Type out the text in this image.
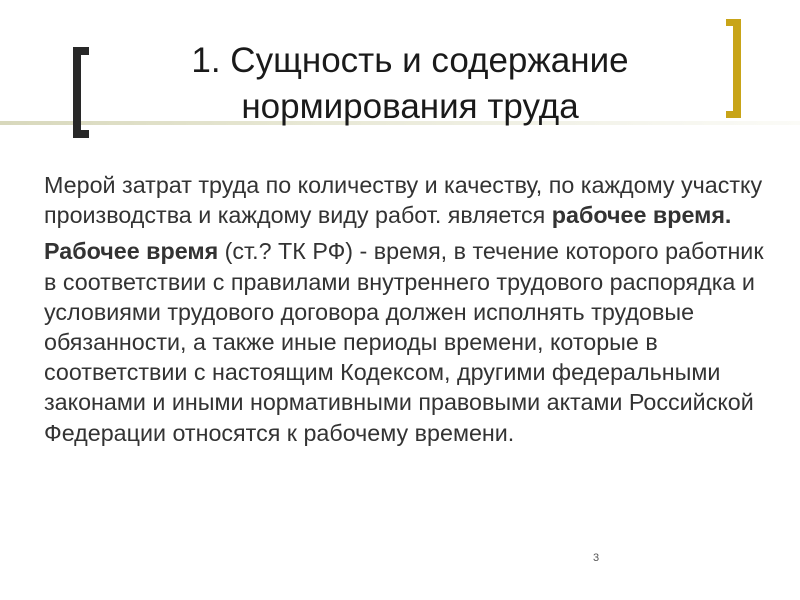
1. Сущность и содержание
нормирования труда

Мерой затрат труда по количеству и качеству, по каждому участку производства и каждому виду работ. является рабочее время.

Рабочее время (ст.? ТК РФ) - время, в течение которого работник в соответствии с правилами внутреннего трудового распорядка и условиями трудового договора должен исполнять трудовые обязанности, а также иные периоды времени, которые в соответствии с настоящим Кодексом, другими федеральными законами и иными нормативными правовыми актами Российской Федерации относятся к рабочему времени.

3
